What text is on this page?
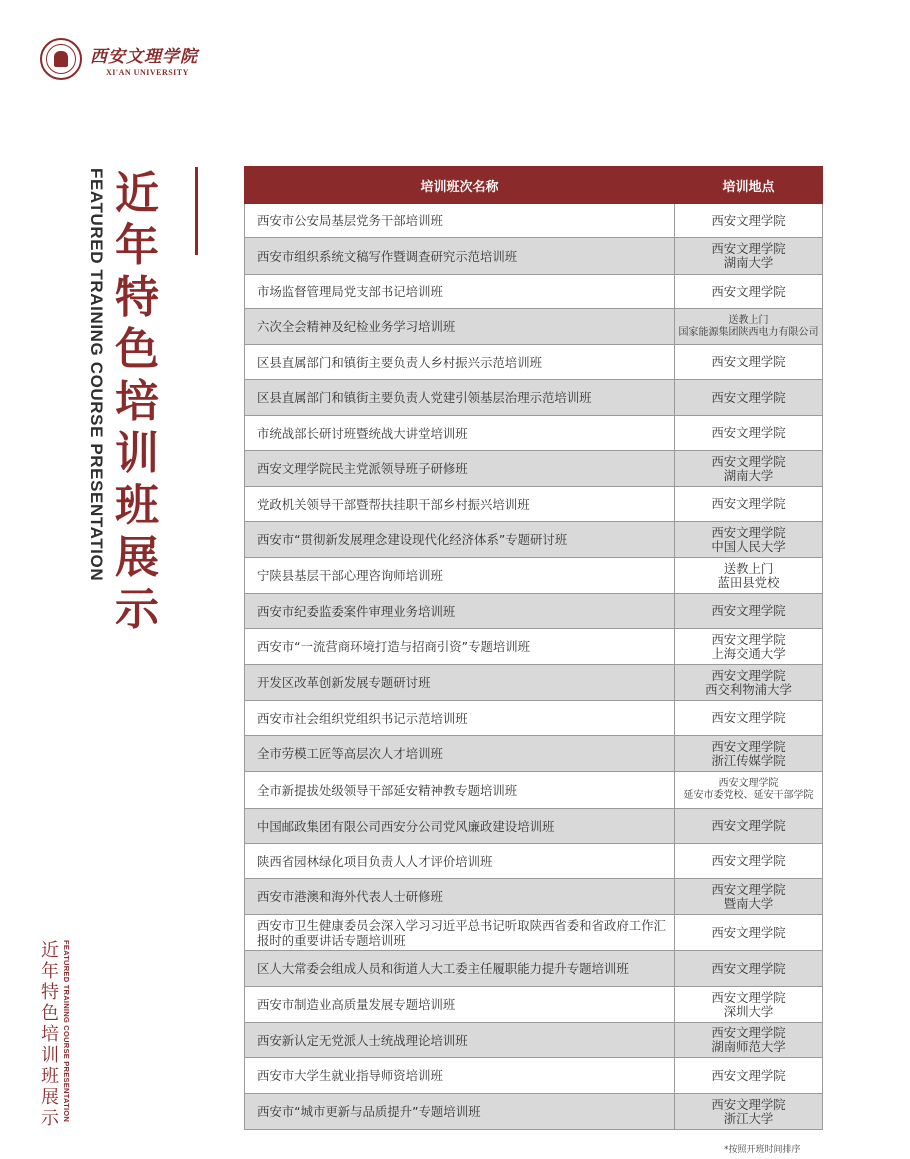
西安文理学院
XI'AN UNIVERSITY
FEATURED TRAINING COURSE PRESENTATION 近年特色培训班展示
近年特色培训班展示 FEATURED TRAINING COURSE PRESENTATION
培训班次名称	培训地点
西安市公安局基层党务干部培训班	西安文理学院

西安市组织系统文稿写作暨调查研究示范培训班	西安文理学院
湖南大学

市场监督管理局党支部书记培训班	西安文理学院

六次全会精神及纪检业务学习培训班	送教上门
国家能源集团陕西电力有限公司

区县直属部门和镇街主要负责人乡村振兴示范培训班	西安文理学院

区县直属部门和镇街主要负责人党建引领基层治理示范培训班	西安文理学院

市统战部长研讨班暨统战大讲堂培训班	西安文理学院

西安文理学院民主党派领导班子研修班	西安文理学院
湖南大学

党政机关领导干部暨帮扶挂职干部乡村振兴培训班	西安文理学院

西安市“贯彻新发展理念建设现代化经济体系”专题研讨班	西安文理学院
中国人民大学

宁陕县基层干部心理咨询师培训班	送教上门
蓝田县党校

西安市纪委监委案件审理业务培训班	西安文理学院

西安市“一流营商环境打造与招商引资”专题培训班	西安文理学院
上海交通大学

开发区改革创新发展专题研讨班	西安文理学院
西交利物浦大学

西安市社会组织党组织书记示范培训班	西安文理学院

全市劳模工匠等高层次人才培训班	西安文理学院
浙江传媒学院

全市新提拔处级领导干部延安精神教专题培训班	西安文理学院
延安市委党校、延安干部学院

中国邮政集团有限公司西安分公司党风廉政建设培训班	西安文理学院

陕西省园林绿化项目负责人人才评价培训班	西安文理学院

西安市港澳和海外代表人士研修班	西安文理学院
暨南大学

西安市卫生健康委员会深入学习习近平总书记听取陕西省委和省政府工作汇报时的重要讲话专题培训班	西安文理学院

区人大常委会组成人员和街道人大工委主任履职能力提升专题培训班	西安文理学院

西安市制造业高质量发展专题培训班	西安文理学院
深圳大学

西安新认定无党派人士统战理论培训班	西安文理学院
湖南师范大学

西安市大学生就业指导师资培训班	西安文理学院

西安市“城市更新与品质提升”专题培训班	西安文理学院
浙江大学
*按照开班时间排序
